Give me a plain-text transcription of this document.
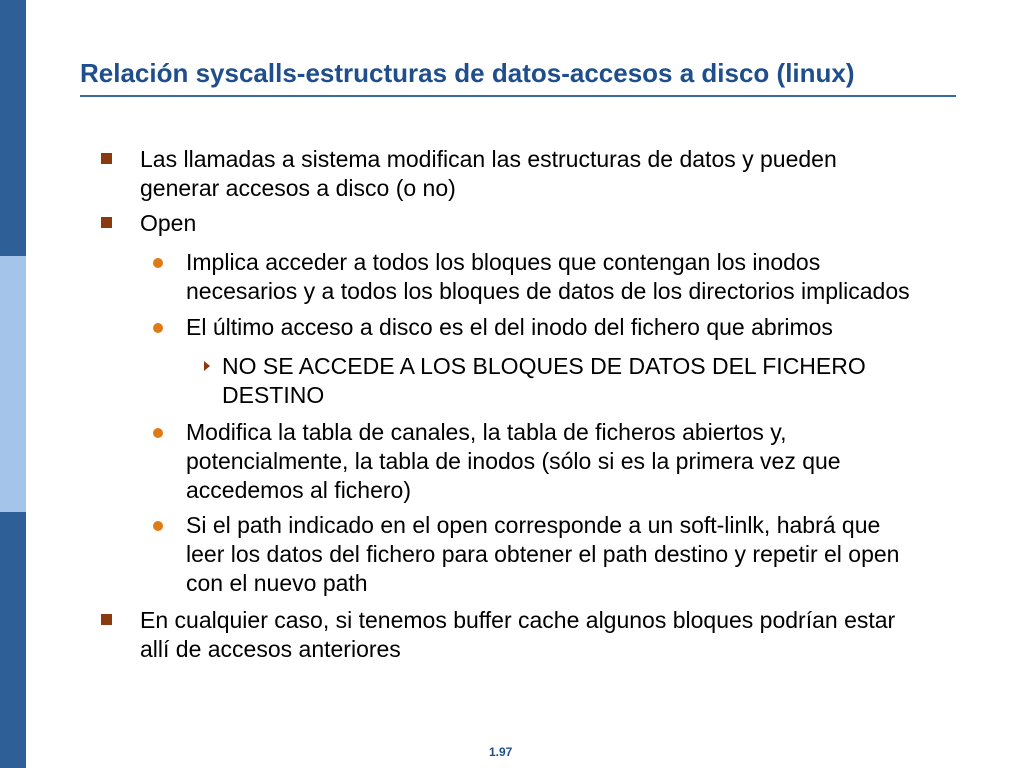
Relación syscalls-estructuras de datos-accesos a disco (linux)
Las llamadas a sistema modifican las estructuras de datos y pueden
generar accesos a disco (o no)
Open
Implica acceder a todos los bloques que contengan los inodos
necesarios y a todos los bloques de datos de los directorios implicados
El último acceso a disco es el del inodo del fichero que abrimos
NO SE ACCEDE A LOS BLOQUES DE DATOS DEL FICHERO
DESTINO
Modifica la tabla de canales, la tabla de ficheros abiertos y,
potencialmente, la tabla de inodos (sólo si es la primera vez que
accedemos al fichero)
Si el path indicado en el open corresponde a un soft-linlk, habrá que
leer los datos del fichero para obtener el path destino y repetir el open
con el nuevo path
En cualquier caso, si tenemos buffer cache algunos bloques podrían estar
allí de accesos anteriores
1.97
